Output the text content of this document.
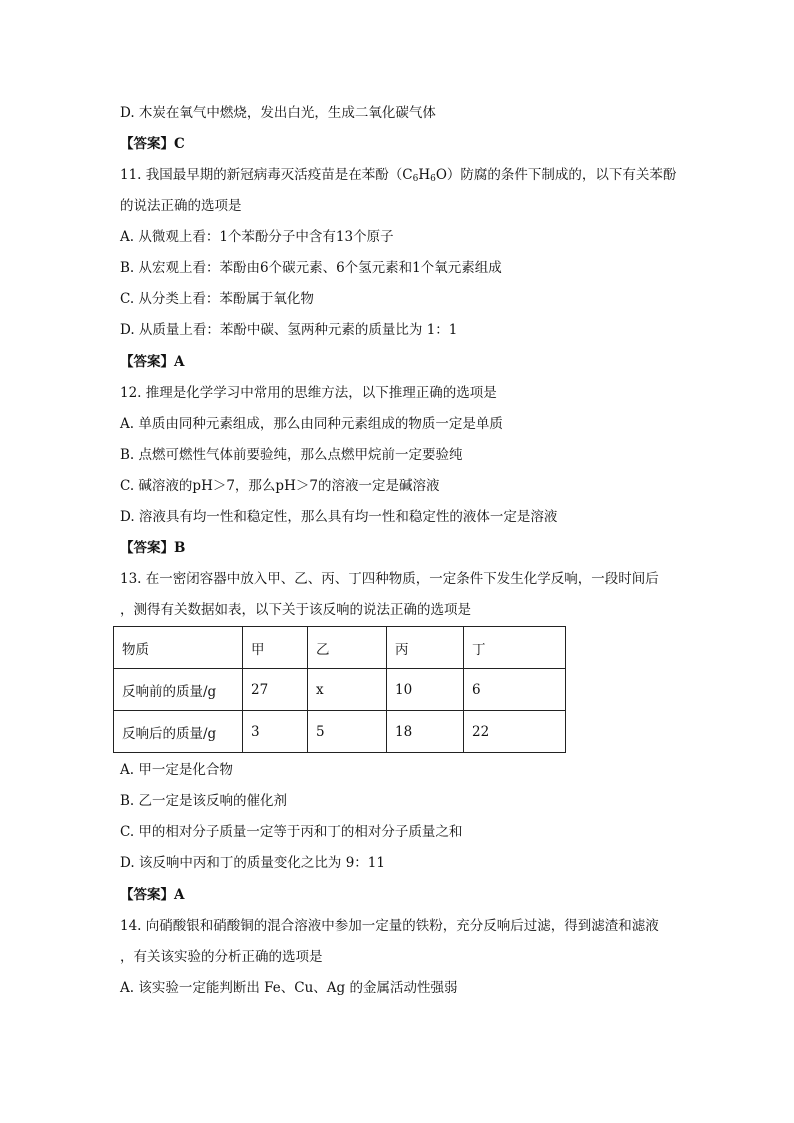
D. 木炭在氧气中燃烧，发出白光，生成二氧化碳气体
【答案】C
11. 我国最早期的新冠病毒灭活疫苗是在苯酚$(C_6H_6O)$防腐的条件下制成的，以下有关苯酚
的说法正确的选项是
A. 从微观上看：1个苯酚分子中含有13个原子
B. 从宏观上看：苯酚由6个碳元素、6个氢元素和1个氧元素组成
C. 从分类上看：苯酚属于氧化物
D. 从质量上看：苯酚中碳、氢两种元素的质量比为 1：1
【答案】A
12. 推理是化学学习中常用的思维方法，以下推理正确的选项是
A. 单质由同种元素组成，那么由同种元素组成的物质一定是单质
B. 点燃可燃性气体前要验纯，那么点燃甲烷前一定要验纯
C. 碱溶液的pH＞7，那么pH＞7的溶液一定是碱溶液
D. 溶液具有均一性和稳定性，那么具有均一性和稳定性的液体一定是溶液
【答案】B
13. 在一密闭容器中放入甲、乙、丙、丁四种物质，一定条件下发生化学反响，一段时间后
，测得有关数据如表，以下关于该反响的说法正确的选项是
物质	甲	乙	丙	丁
反响前的质量/g	27	x	10	6
反响后的质量/g	3	5	18	22
A. 甲一定是化合物
B. 乙一定是该反响的催化剂
C. 甲的相对分子质量一定等于丙和丁的相对分子质量之和
D. 该反响中丙和丁的质量变化之比为 9：11
【答案】A
14. 向硝酸银和硝酸铜的混合溶液中参加一定量的铁粉，充分反响后过滤，得到滤渣和滤液
，有关该实验的分析正确的选项是
A. 该实验一定能判断出 Fe、Cu、Ag 的金属活动性强弱
